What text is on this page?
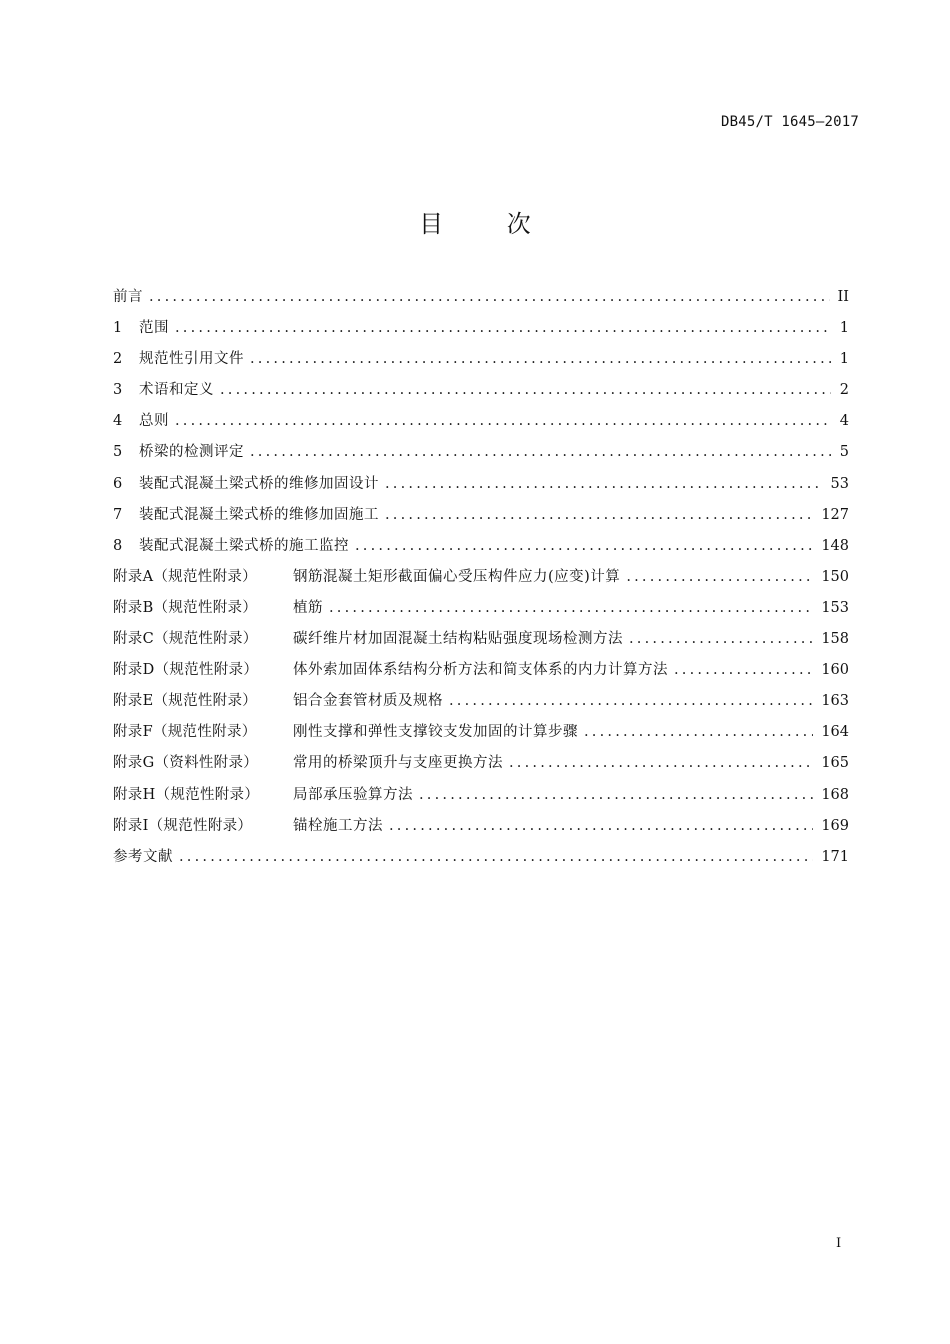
DB45/T 1645—2017
目 次
前言 .....	II
1	范围 .....	1
2	规范性引用文件 .....	1
3	术语和定义 .....	2
4	总则 .....	4
5	桥梁的检测评定 .....	5
6	装配式混凝土梁式桥的维修加固设计 .....	53
7	装配式混凝土梁式桥的维修加固施工 .....	127
8	装配式混凝土梁式桥的施工监控 .....	148
附录A（规范性附录）	钢筋混凝土矩形截面偏心受压构件应力(应变)计算 .....	150
附录B（规范性附录）	植筋 .....	153
附录C（规范性附录）	碳纤维片材加固混凝土结构粘贴强度现场检测方法 .....	158
附录D（规范性附录）	体外索加固体系结构分析方法和简支体系的内力计算方法 .....	160
附录E（规范性附录）	铝合金套管材质及规格 .....	163
附录F（规范性附录）	刚性支撑和弹性支撑铰支发加固的计算步骤 .....	164
附录G（资料性附录）	常用的桥梁顶升与支座更换方法 .....	165
附录H（规范性附录）	局部承压验算方法 .....	168
附录I（规范性附录）	锚栓施工方法 .....	169
参考文献 .....	171
I
